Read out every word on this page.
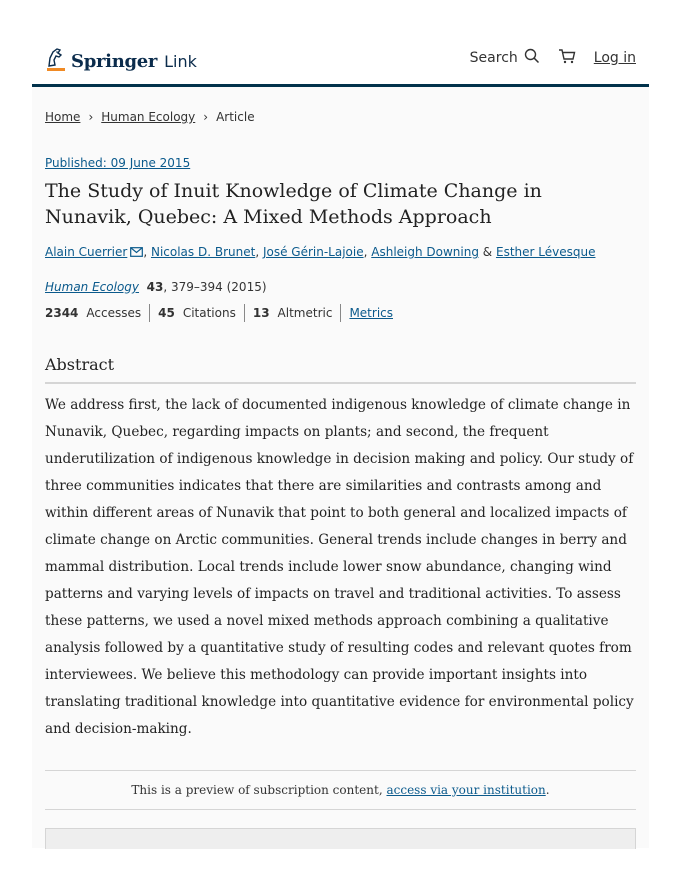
Springer Link	Search	Log in
Home › Human Ecology › Article
Published: 09 June 2015
The Study of Inuit Knowledge of Climate Change in Nunavik, Quebec: A Mixed Methods Approach
Alain Cuerrier , Nicolas D. Brunet, José Gérin-Lajoie, Ashleigh Downing & Esther Lévesque
Human Ecology 43, 379–394 (2015)
2344 Accesses 45 Citations 13 Altmetric Metrics
Abstract

We address first, the lack of documented indigenous knowledge of climate change in Nunavik, Quebec, regarding impacts on plants; and second, the frequent underutilization of indigenous knowledge in decision making and policy. Our study of three communities indicates that there are similarities and contrasts among and within different areas of Nunavik that point to both general and localized impacts of climate change on Arctic communities. General trends include changes in berry and mammal distribution. Local trends include lower snow abundance, changing wind patterns and varying levels of impacts on travel and traditional activities. To assess these patterns, we used a novel mixed methods approach combining a qualitative analysis followed by a quantitative study of resulting codes and relevant quotes from interviewees. We believe this methodology can provide important insights into translating traditional knowledge into quantitative evidence for environmental policy and decision-making.

This is a preview of subscription content,
access via your institution .
